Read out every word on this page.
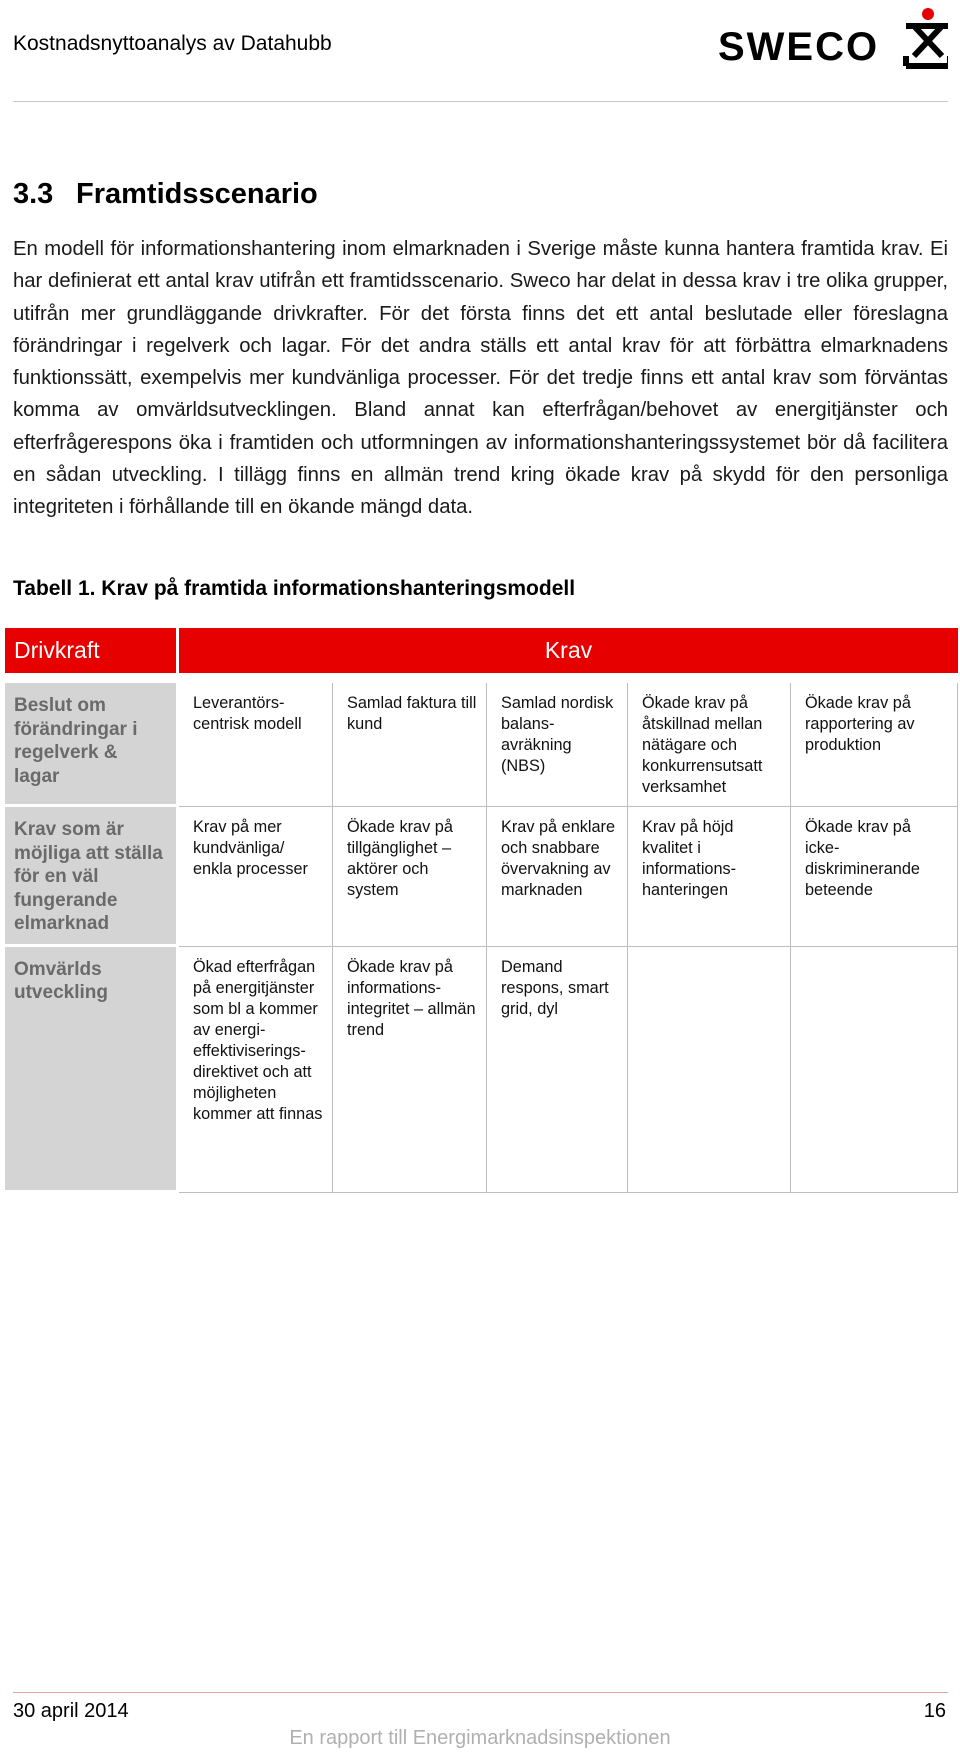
Kostnadsnyttoanalys av Datahubb	SWECO
3.3 Framtidsscenario
En modell för informationshantering inom elmarknaden i Sverige måste kunna hantera framtida krav. Ei har definierat ett antal krav utifrån ett framtidsscenario. Sweco har delat in dessa krav i tre olika grupper, utifrån mer grundläggande drivkrafter. För det första finns det ett antal beslutade eller föreslagna förändringar i regelverk och lagar. För det andra ställs ett antal krav för att förbättra elmarknadens funktionssätt, exempelvis mer kundvänliga processer. För det tredje finns ett antal krav som förväntas komma av omvärldsutvecklingen. Bland annat kan efterfrågan/behovet av energitjänster och efterfrågerespons öka i framtiden och utformningen av informationshanteringssystemet bör då facilitera en sådan utveckling. I tillägg finns en allmän trend kring ökade krav på skydd för den personliga integriteten i förhållande till en ökande mängd data.
Tabell 1. Krav på framtida informationshanteringsmodell
Drivkraft	Krav				

Beslut om förändringar i regelverk & lagar	Leverantörs-centrisk modell	Samlad faktura till kund	Samlad nordisk balans-avräkning (NBS)	Ökade krav på åtskillnad mellan nätägare och konkurrensutsatt verksamhet	Ökade krav på rapportering av produktion
Krav som är möjliga att ställa för en väl fungerande elmarknad	Krav på mer kundvänliga/ enkla processer	Ökade krav på tillgänglighet – aktörer och system	Krav på enklare och snabbare övervakning av marknaden	Krav på höjd kvalitet i informations-hanteringen	Ökade krav på icke-diskriminerande beteende
Omvärlds utveckling	Ökad efterfrågan på energitjänster som bl a kommer av energi-effektiviserings-direktivet och att möjligheten kommer att finnas	Ökade krav på informations-integritet – allmän trend	Demand respons, smart grid, dyl		
30 april 2014	16
En rapport till Energimarknadsinspektionen
